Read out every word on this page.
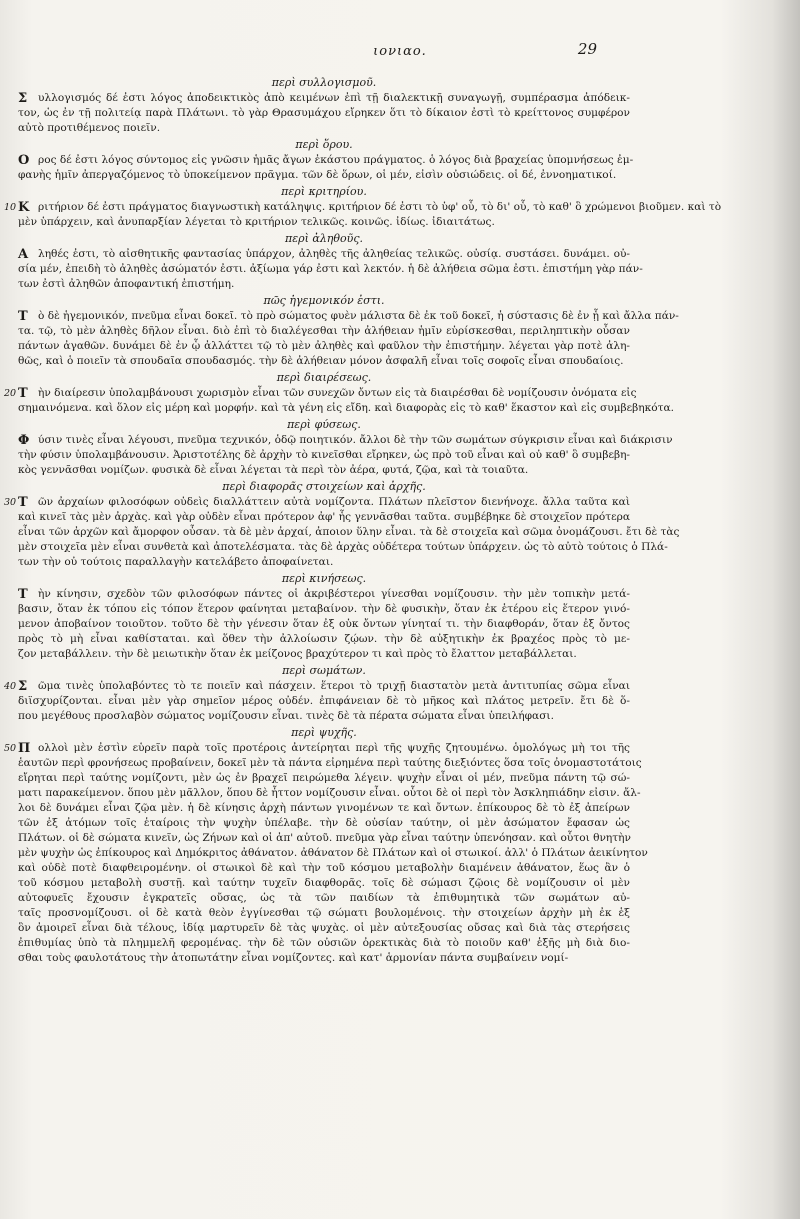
ιονιαο.	29
περὶ συλλογισμοῦ.
Σ	υλλογισμός δέ ἐστι λόγος ἀποδεικτικὸς ἀπὸ κειμένων ἐπὶ τῇ διαλεκτικῇ συναγωγῇ, συμπέρασμα ἀπόδεικ-
τον, ὡς ἐν τῇ πολιτείᾳ παρὰ Πλάτωνι. τὸ γὰρ Θρασυμάχου εἴρηκεν ὅτι τὸ δίκαιον ἐστὶ τὸ κρείττονος συμφέρον
αὐτὸ προτιθέμενος ποιεῖν.
περὶ ὅρου.
Ο ρος δέ ἐστι λόγος σύντομος εἰς γνῶσιν ἡμᾶς ἄγων ἐκάστου πράγματος. ὁ λόγος διὰ βραχείας ὑπομνήσεως ἐμ-
φανὴς ἡμῖν ἀπεργαζόμενος τὸ ὑποκείμενον πρᾶγμα. τῶν δὲ ὅρων, οἱ μέν, εἰσὶν οὐσιώδεις. οἱ δέ, ἐννοηματικοί.
περὶ κριτηρίου.
Κ
10	ριτήριον δέ ἐστι πράγματος διαγνωστικὴ κατάληψις. κριτήριον δέ ἐστι τὸ ὑφ' οὗ, τὸ δι' οὗ, τὸ καθ' ὃ χρώμενοι βιοῦμεν. καὶ τὸ
μὲν ὑπάρχειν, καὶ ἀνυπαρξίαν λέγεται τὸ κριτήριον τελικῶς. κοινῶς. ἰδίως. ἰδιαιτάτως.
περὶ ἀληθοῦς.
Α ληθές ἐστι, τὸ αἰσθητικῆς φαντασίας ὑπάρχον, ἀληθὲς τῆς ἀληθείας τελικῶς. οὐσίᾳ. συστάσει. δυνάμει. οὐ-
σία μέν, ἐπειδὴ τὸ ἀληθὲς ἀσώματόν ἐστι. ἀξίωμα γάρ ἐστι καὶ λεκτόν. ἡ δὲ ἀλήθεια σῶμα ἐστι. ἐπιστήμη γὰρ πάν-
των ἐστὶ ἀληθῶν ἀποφαντική ἐπιστήμη.
πῶς ἡγεμονικόν ἐστι.
Τ ὸ δὲ ἡγεμονικόν, πνεῦμα εἶναι δοκεῖ. τὸ πρὸ σώματος φυὲν μάλιστα δὲ ἐκ τοῦ δοκεῖ, ἡ σύστασις δὲ ἐν ᾗ καὶ ἄλλα πάν-
τα. τῷ, τὸ μὲν ἀληθὲς δῆλον εἶναι. διὸ ἐπὶ τὸ διαλέγεσθαι τὴν ἀλήθειαν ἡμῖν εὑρίσκεσθαι, περιληπτικὴν οὖσαν
πάντων ἀγαθῶν. δυνάμει δὲ ἐν ᾧ ἀλλάττει τῷ τὸ μὲν ἀληθὲς καὶ φαῦλον τὴν ἐπιστήμην. λέγεται γὰρ ποτὲ ἀλη-
θῶς, καὶ ὁ ποιεῖν τὰ σπουδαῖα σπουδασμός. τὴν δὲ ἀλήθειαν μόνον ἀσφαλῆ εἶναι τοῖς σοφοῖς εἶναι σπουδαίοις.
περὶ διαιρέσεως.
Τ
20	ὴν διαίρεσιν ὑπολαμβάνουσι χωρισμὸν εἶναι τῶν συνεχῶν ὄντων εἰς τὰ διαιρέσθαι δὲ νομίζουσιν ὀνόματα εἰς
σημαινόμενα. καὶ ὅλον εἰς μέρη καὶ μορφήν. καὶ τὰ γένη εἰς εἴδη. καὶ διαφορὰς εἰς τὸ καθ' ἕκαστον καὶ εἰς συμβεβηκότα.
περὶ φύσεως.
Φ ύσιν τινὲς εἶναι λέγουσι, πνεῦμα τεχνικόν, ὁδῷ ποιητικόν. ἄλλοι δὲ τὴν τῶν σωμάτων σύγκρισιν εἶναι καὶ διάκρισιν
τὴν φύσιν ὑπολαμβάνουσιν. Ἀριστοτέλης δὲ ἀρχὴν τὸ κινεῖσθαι εἴρηκεν, ὡς πρὸ τοῦ εἶναι καὶ οὐ καθ' ὃ συμβεβη-
κὸς γεννᾶσθαι νομίζων. φυσικὰ δὲ εἶναι λέγεται τὰ περὶ τὸν ἀέρα, φυτά, ζῷα, καὶ τὰ τοιαῦτα.
περὶ διαφορᾶς στοιχείων καὶ ἀρχῆς.
Τ
30	ῶν ἀρχαίων φιλοσόφων οὐδεὶς διαλλάττειν αὐτὰ νομίζοντα. Πλάτων πλεῖστον διενήνοχε. ἄλλα ταῦτα καὶ
καὶ κινεῖ τὰς μὲν ἀρχὰς. καὶ γὰρ οὐδὲν εἶναι πρότερον ἀφ' ἧς γεννᾶσθαι ταῦτα. συμβέβηκε δὲ στοιχεῖον πρότερα
εἶναι τῶν ἀρχῶν καὶ ἄμορφον οὖσαν. τὰ δὲ μὲν ἀρχαί, ἀποιον ὕλην εἶναι. τὰ δὲ στοιχεῖα καὶ σῶμα ὀνομάζουσι. ἔτι δὲ τὰς
μὲν στοιχεῖα μὲν εἶναι συνθετὰ καὶ ἀποτελέσματα. τὰς δὲ ἀρχὰς οὐδέτερα τούτων ὑπάρχειν. ὡς τὸ αὐτὸ τούτοις ὁ Πλά-
των τὴν οὐ τούτοις παραλλαγὴν κατελάβετο ἀποφαίνεται.
περὶ κινήσεως.
Τ ὴν κίνησιν, σχεδὸν τῶν φιλοσόφων πάντες οἱ ἀκριβέστεροι γίνεσθαι νομίζουσιν. τὴν μὲν τοπικὴν μετά-
βασιν, ὅταν ἐκ τόπου εἰς τόπον ἕτερον φαίνηται μεταβαίνον. τὴν δὲ φυσικὴν, ὅταν ἐκ ἑτέρου εἰς ἕτερον γινό-
μενον ἀποβαίνον τοιοῦτον. τοῦτο δὲ τὴν γένεσιν ὅταν ἐξ οὐκ ὄντων γίνηταί τι. τὴν διαφθοράν, ὅταν ἐξ ὄντος
πρὸς τὸ μὴ εἶναι καθίσταται. καὶ ὅθεν τὴν ἀλλοίωσιν ζῴων. τὴν δὲ αὐξητικὴν ἐκ βραχέος πρὸς τὸ με-
ζον μεταβάλλειν. τὴν δὲ μειωτικὴν ὅταν ἐκ μείζονος βραχύτερον τι καὶ πρὸς τὸ ἔλαττον μεταβάλλεται.
περὶ σωμάτων.
Σ
40	ῶμα τινὲς ὑπολαβόντες τὸ τε ποιεῖν καὶ πάσχειν. ἕτεροι τὸ τριχῇ διαστατὸν μετὰ ἀντιτυπίας σῶμα εἶναι
διϊσχυρίζονται. εἶναι μὲν γὰρ σημεῖον μέρος οὐδέν. ἐπιφάνειαν δὲ τὸ μῆκος καὶ πλάτος μετρεῖν. ἔτι δὲ ὅ-
που μεγέθους προσλαβὸν σώματος νομίζουσιν εἶναι. τινὲς δὲ τὰ πέρατα σώματα εἶναι ὑπειλήφασι.
περὶ ψυχῆς.
Π
50	ολλοὶ μὲν ἐστὶν εὑρεῖν παρὰ τοῖς προτέροις ἀντείρηται περὶ τῆς ψυχῆς ζητουμένω. ὁμολόγως μὴ τοι τῆς
ἑαυτῶν περὶ φρονήσεως προβαίνειν, δοκεῖ μὲν τὰ πάντα εἰρημένα περὶ ταύτης διεξιόντες ὅσα τοῖς ὀνομαστοτάτοις
εἴρηται περὶ ταύτης νομίζοντι, μὲν ὡς ἐν βραχεῖ πειρώμεθα λέγειν. ψυχὴν εἶναι οἱ μέν, πνεῦμα πάντη τῷ σώ-
ματι παρακείμενον. ὅπου μὲν μᾶλλον, ὅπου δὲ ἧττον νομίζουσιν εἶναι. οὗτοι δὲ οἱ περὶ τὸν Ἀσκληπιάδην εἰσιν. ἄλ-
λοι δὲ δυνάμει εἶναι ζῷα μὲν. ἡ δὲ κίνησις ἀρχὴ πάντων γινομένων τε καὶ ὄντων. ἐπίκουρος δὲ τὸ ἐξ ἀπείρων
τῶν ἐξ ἀτόμων τοῖς ἑταίροις τὴν ψυχὴν ὑπέλαβε. τὴν δὲ οὐσίαν ταύτην, οἱ μὲν ἀσώματον ἔφασαν ὡς
Πλάτων. οἱ δὲ σώματα κινεῖν, ὡς Ζήνων καὶ οἱ ἀπ' αὐτοῦ. πνεῦμα γὰρ εἶναι ταύτην ὑπενόησαν. καὶ οὗτοι θνητὴν
μὲν ψυχὴν ὡς ἐπίκουρος καὶ Δημόκριτος ἀθάνατον. ἀθάνατον δὲ Πλάτων καὶ οἱ στωικοί. ἀλλ' ὁ Πλάτων ἀεικίνητον
καὶ οὐδὲ ποτὲ διαφθειρομένην. οἱ στωικοὶ δὲ καὶ τὴν τοῦ κόσμου μεταβολὴν διαμένειν ἀθάνατον, ἕως ἂν ὁ
τοῦ κόσμου μεταβολὴ συστῇ. καὶ ταύτην τυχεῖν διαφθορᾶς. τοῖς δὲ σώμασι ζῷοις δὲ νομίζουσιν οἱ μὲν
αὐτοφυεῖς ἔχουσιν ἐγκρατεῖς οὔσας, ὡς τὰ τῶν παιδίων τὰ ἐπιθυμητικὰ τῶν σωμάτων αὐ-
ταῖς προσνομίζουσι. οἱ δὲ κατὰ θεὸν ἐγγίνεσθαι τῷ σώματι βουλομένοις. τὴν στοιχείων ἀρχὴν μὴ ἐκ ἑξ
ὃν ἀμοιρεῖ εἶναι διὰ τέλους, ἰδίᾳ μαρτυρεῖν δὲ τὰς ψυχὰς. οἱ μὲν αὐτεξουσίας οὔσας καὶ διὰ τὰς στερήσεις
ἐπιθυμίας ὑπὸ τὰ πλημμελῆ φερομένας. τὴν δὲ τῶν οὐσιῶν ὀρεκτικὰς διὰ τὸ ποιοῦν καθ' ἑξῆς μὴ διὰ διο-
σθαι τοὺς φαυλοτάτους τὴν ἀτοπωτάτην εἶναι νομίζοντες. καὶ κατ' ἁρμονίαν πάντα συμβαίνειν νομί-
